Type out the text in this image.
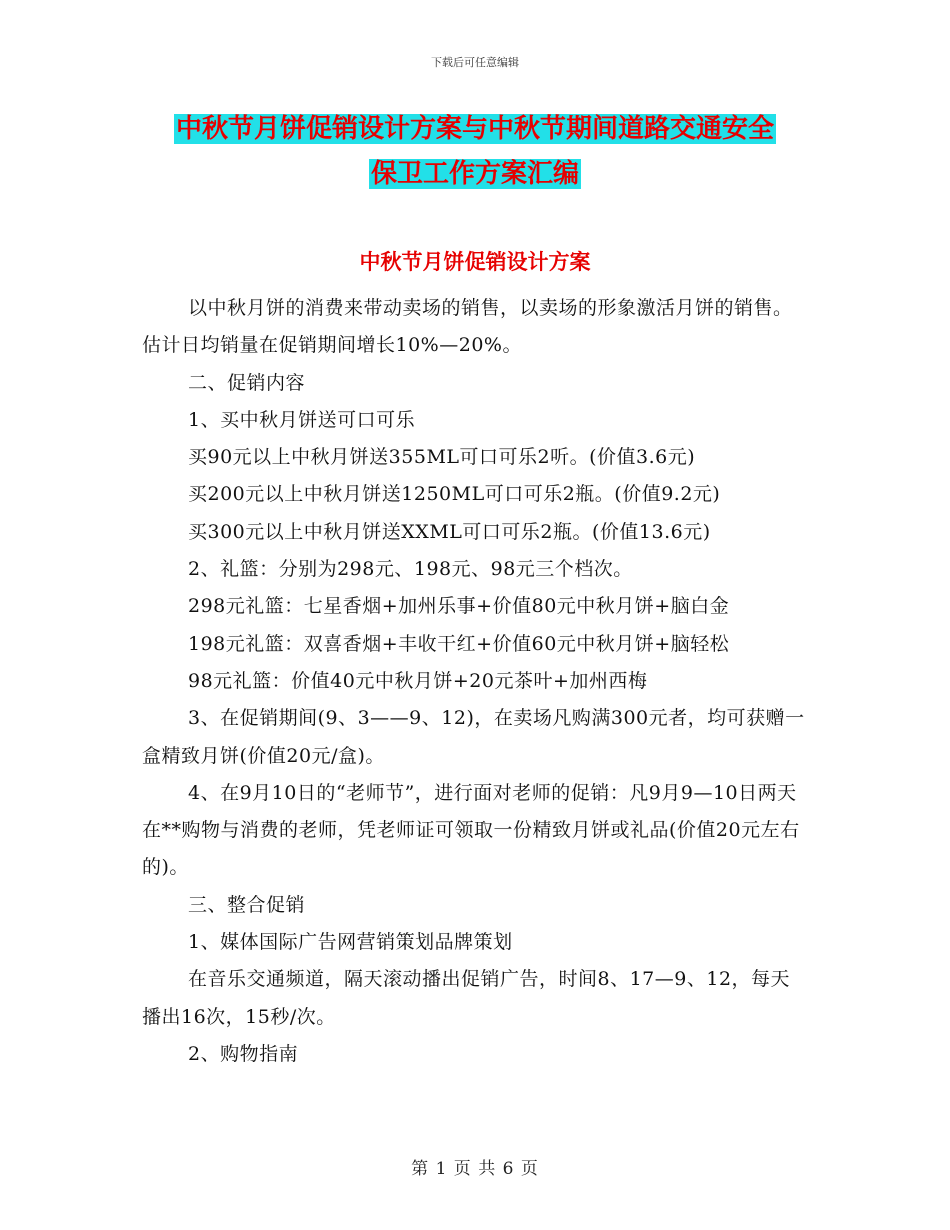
下载后可任意编辑
中秋节月饼促销设计方案与中秋节期间道路交通安全
保卫工作方案汇编
中秋节月饼促销设计方案

以中秋月饼的消费来带动卖场的销售，以卖场的形象激活月饼的销售。估计日均销量在促销期间增长10%—20%。

二、促销内容

1、买中秋月饼送可口可乐

买90元以上中秋月饼送355ML可口可乐2听。(价值3.6元)

买200元以上中秋月饼送1250ML可口可乐2瓶。(价值9.2元)

买300元以上中秋月饼送XXML可口可乐2瓶。(价值13.6元)

2、礼篮：分别为298元、198元、98元三个档次。

298元礼篮：七星香烟+加州乐事+价值80元中秋月饼+脑白金

198元礼篮：双喜香烟+丰收干红+价值60元中秋月饼+脑轻松

98元礼篮：价值40元中秋月饼+20元茶叶+加州西梅

3、在促销期间(9、3——9、12)，在卖场凡购满300元者，均可获赠一盒精致月饼(价值20元/盒)。

4、在9月10日的“老师节”，进行面对老师的促销：凡9月9—10日两天在**购物与消费的老师，凭老师证可领取一份精致月饼或礼品(价值20元左右的)。

三、整合促销

1、媒体国际广告网营销策划品牌策划

在音乐交通频道，隔天滚动播出促销广告，时间8、17—9、12，每天播出16次，15秒/次。

2、购物指南

第 1 页 共 6 页
